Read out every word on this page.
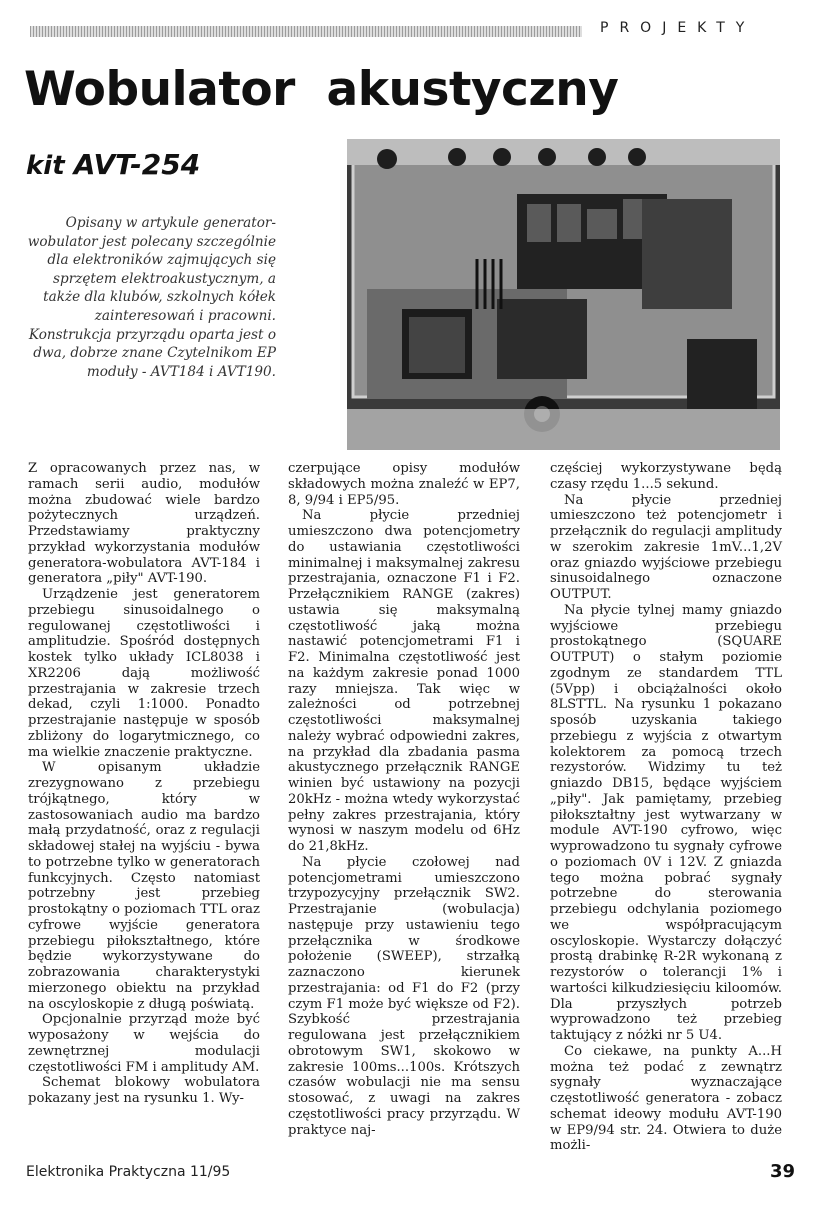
PROJEKTY
Wobulator  akustyczny
kit AVT-254
Opisany w artykule generator-wobulator jest polecany szczególnie dla elektroników zajmujących się sprzętem elektroakustycznym, a także dla klubów, szkolnych kółek zainteresowań i pracowni. Konstrukcja przyrządu oparta jest o dwa, dobrze znane Czytelnikom EP moduły - AVT184 i AVT190.

Z opracowanych przez nas, w ramach serii audio, modułów można zbudować wiele bardzo pożytecznych urządzeń. Przedstawiamy praktyczny przykład wykorzystania modułów generatora-wobulatora AVT-184 i generatora „piły" AVT-190.

Urządzenie jest generatorem przebiegu sinusoidalnego o regulowanej częstotliwości i amplitudzie. Spośród dostępnych kostek tylko układy ICL8038 i XR2206 dają możliwość przestrajania w zakresie trzech dekad, czyli 1:1000. Ponadto przestrajanie następuje w sposób zbliżony do logarytmicznego, co ma wielkie znaczenie praktyczne.

W opisanym układzie zrezygnowano z przebiegu trójkątnego, który w zastosowaniach audio ma bardzo małą przydatność, oraz z regulacji składowej stałej na wyjściu - bywa to potrzebne tylko w generatorach funkcyjnych. Często natomiast potrzebny jest przebieg prostokątny o poziomach TTL oraz cyfrowe wyjście generatora przebiegu piłokształtnego, które będzie wykorzystywane do zobrazowania charakterystyki mierzonego obiektu na przykład na oscyloskopie z długą poświatą.

Opcjonalnie przyrząd może być wyposażony w wejścia do zewnętrznej modulacji częstotliwości FM i amplitudy AM.

Schemat blokowy wobulatora pokazany jest na rysunku 1. Wy-

czerpujące opisy modułów składowych można znaleźć w EP7, 8, 9/94 i EP5/95.

Na płycie przedniej umieszczono dwa potencjometry do ustawiania częstotliwości minimalnej i maksymalnej zakresu przestrajania, oznaczone F1 i F2. Przełącznikiem RANGE (zakres) ustawia się maksymalną częstotliwość jaką można nastawić potencjometrami F1 i F2. Minimalna częstotliwość jest na każdym zakresie ponad 1000 razy mniejsza. Tak więc w zależności od potrzebnej częstotliwości maksymalnej należy wybrać odpowiedni zakres, na przykład dla zbadania pasma akustycznego przełącznik RANGE winien być ustawiony na pozycji 20kHz - można wtedy wykorzystać pełny zakres przestrajania, który wynosi w naszym modelu od 6Hz do 21,8kHz.

Na płycie czołowej nad potencjometrami umieszczono trzypozycyjny przełącznik SW2. Przestrajanie (wobulacja) następuje przy ustawieniu tego przełącznika w środkowe położenie (SWEEP), strzałką zaznaczono kierunek przestrajania: od F1 do F2 (przy czym F1 może być większe od F2). Szybkość przestrajania regulowana jest przełącznikiem obrotowym SW1, skokowo w zakresie 100ms...100s. Krótszych czasów wobulacji nie ma sensu stosować, z uwagi na zakres częstotliwości pracy przyrządu. W praktyce naj-

częściej wykorzystywane będą czasy rzędu 1...5 sekund.

Na płycie przedniej umieszczono też potencjometr i przełącznik do regulacji amplitudy w szerokim zakresie 1mV...1,2V oraz gniazdo wyjściowe przebiegu sinusoidalnego oznaczone OUTPUT.

Na płycie tylnej mamy gniazdo wyjściowe przebiegu prostokątnego (SQUARE OUTPUT) o stałym poziomie zgodnym ze standardem TTL (5Vpp) i obciążalności około 8LSTTL. Na rysunku 1 pokazano sposób uzyskania takiego przebiegu z wyjścia z otwartym kolektorem za pomocą trzech rezystorów. Widzimy tu też gniazdo DB15, będące wyjściem „piły". Jak pamiętamy, przebieg piłokształtny jest wytwarzany w module AVT-190 cyfrowo, więc wyprowadzono tu sygnały cyfrowe o poziomach 0V i 12V. Z gniazda tego można pobrać sygnały potrzebne do sterowania przebiegu odchylania poziomego we współpracującym oscyloskopie. Wystarczy dołączyć prostą drabinkę R-2R wykonaną z rezystorów o tolerancji 1% i wartości kilkudziesięciu kiloomów. Dla przyszłych potrzeb wyprowadzono też przebieg taktujący z nóżki nr 5 U4.

Co ciekawe, na punkty A...H można też podać z zewnątrz sygnały wyznaczające częstotliwość generatora - zobacz schemat ideowy modułu AVT-190 w EP9/94 str. 24. Otwiera to duże możli-

Elektronika Praktyczna 11/95	39
